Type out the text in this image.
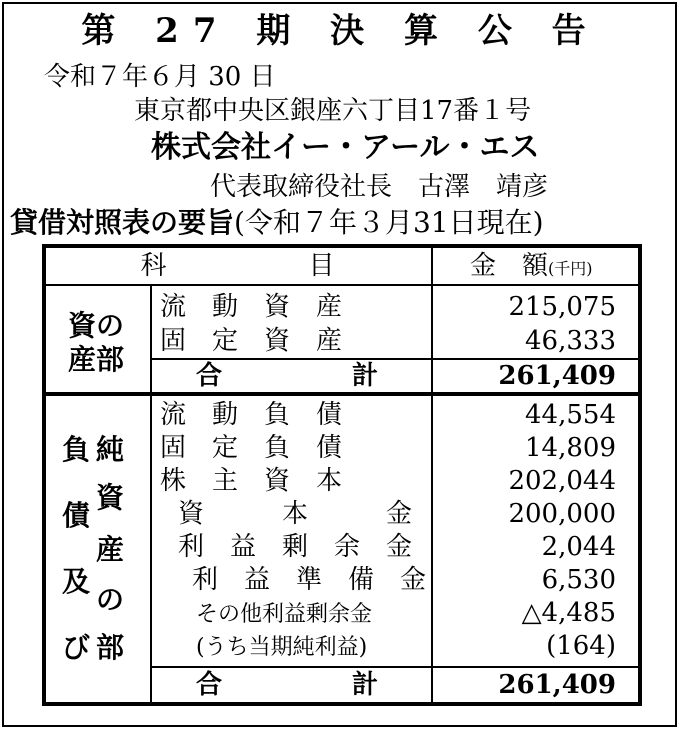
第 27 期 決 算 公 告
令和７年６月 30 日
東京都中央区銀座六丁目17番１号
株式会社イー・アール・エス
代表取締役社長　古澤　靖彦
貸借対照表の要旨(令和７年３月31日現在)
科　　　　　目	金　額(千円)
資の
産部
流　動　資　産	215,075
固　定　資　産	46,333
合　　　　　計	261,409
負
債
及
び
純
資
産
の
部
流　動　負　債	44,554
固　定　負　債	14,809
株　主　資　本	202,044
資　　　本　　　金	200,000
利　益　剰　余　金	2,044
利　益　準　備　金	6,530
その他利益剰余金	△4,485
(うち当期純利益)	(164)
合　　　　　計	261,409
